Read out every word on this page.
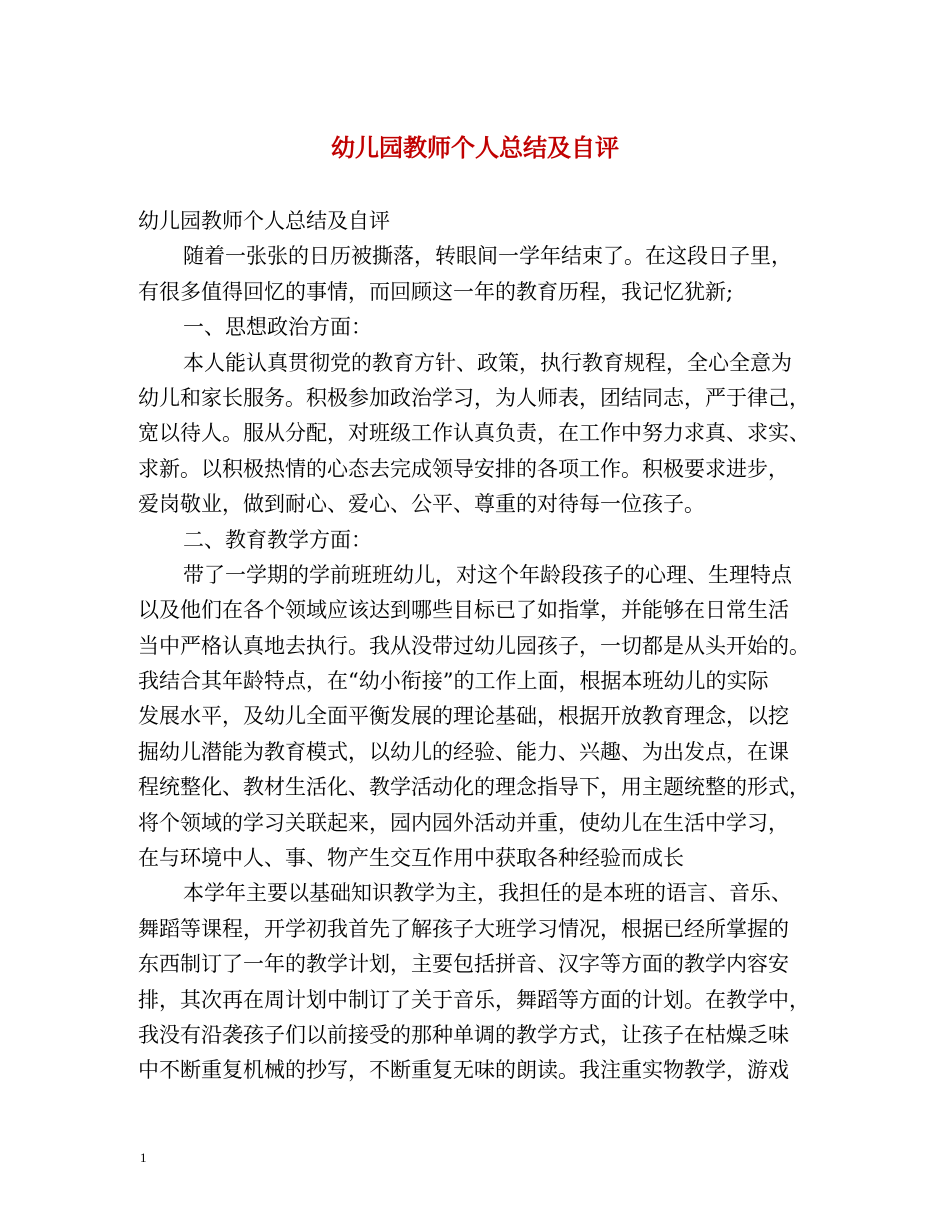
幼儿园教师个人总结及自评
幼儿园教师个人总结及自评
随着一张张的日历被撕落，转眼间一学年结束了。在这段日子里，
有很多值得回忆的事情，而回顾这一年的教育历程，我记忆犹新;
一、思想政治方面：
本人能认真贯彻党的教育方针、政策，执行教育规程，全心全意为
幼儿和家长服务。积极参加政治学习，为人师表，团结同志，严于律己，
宽以待人。服从分配，对班级工作认真负责，在工作中努力求真、求实、
求新。以积极热情的心态去完成领导安排的各项工作。积极要求进步，
爱岗敬业，做到耐心、爱心、公平、尊重的对待每一位孩子。
二、教育教学方面：
带了一学期的学前班班幼儿，对这个年龄段孩子的心理、生理特点
以及他们在各个领域应该达到哪些目标已了如指掌，并能够在日常生活
当中严格认真地去执行。我从没带过幼儿园孩子，一切都是从头开始的。
我结合其年龄特点，在“幼小衔接”的工作上面，根据本班幼儿的实际
发展水平，及幼儿全面平衡发展的理论基础，根据开放教育理念，以挖
掘幼儿潜能为教育模式，以幼儿的经验、能力、兴趣、为出发点，在课
程统整化、教材生活化、教学活动化的理念指导下，用主题统整的形式，
将个领域的学习关联起来，园内园外活动并重，使幼儿在生活中学习，
在与环境中人、事、物产生交互作用中获取各种经验而成长
本学年主要以基础知识教学为主，我担任的是本班的语言、音乐、
舞蹈等课程，开学初我首先了解孩子大班学习情况，根据已经所掌握的
东西制订了一年的教学计划，主要包括拼音、汉字等方面的教学内容安
排，其次再在周计划中制订了关于音乐，舞蹈等方面的计划。在教学中，
我没有沿袭孩子们以前接受的那种单调的教学方式，让孩子在枯燥乏味
中不断重复机械的抄写，不断重复无味的朗读。我注重实物教学，游戏
1
